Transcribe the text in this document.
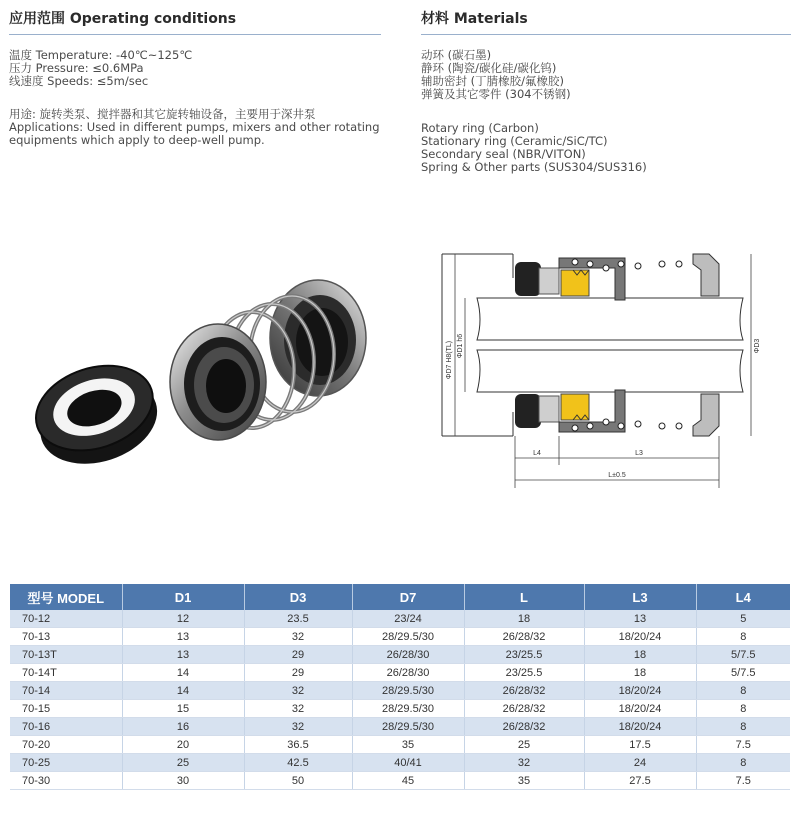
应用范围 Operating conditions	材料 Materials
温度 Temperature: -40℃~125℃
压力 Pressure: ≤0.6MPa
线速度 Speeds: ≤5m/sec
用途: 旋转类泵、搅拌器和其它旋转轴设备，主要用于深井泵
Applications: Used in different pumps, mixers and other rotating
equipments which apply to deep-well pump.
动环 (碳石墨)
静环 (陶瓷/碳化硅/碳化钨)
辅助密封 (丁腈橡胶/氟橡胶)
弹簧及其它零件 (304不锈钢)
Rotary ring (Carbon)
Stationary ring (Ceramic/SiC/TC)
Secondary seal (NBR/VITON)
Spring & Other parts (SUS304/SUS316)
ΦD7 H8(TL) ΦD1 h6	ΦD3
L4	L3
L±0.5
型号 MODEL	D1	D3	D7	L	L3	L4
70-12	12	23.5	23/24	18	13	5
70-13	13	32	28/29.5/30	26/28/32	18/20/24	8
70-13T	13	29	26/28/30	23/25.5	18	5/7.5
70-14T	14	29	26/28/30	23/25.5	18	5/7.5
70-14	14	32	28/29.5/30	26/28/32	18/20/24	8
70-15	15	32	28/29.5/30	26/28/32	18/20/24	8
70-16	16	32	28/29.5/30	26/28/32	18/20/24	8
70-20	20	36.5	35	25	17.5	7.5
70-25	25	42.5	40/41	32	24	8
70-30	30	50	45	35	27.5	7.5
